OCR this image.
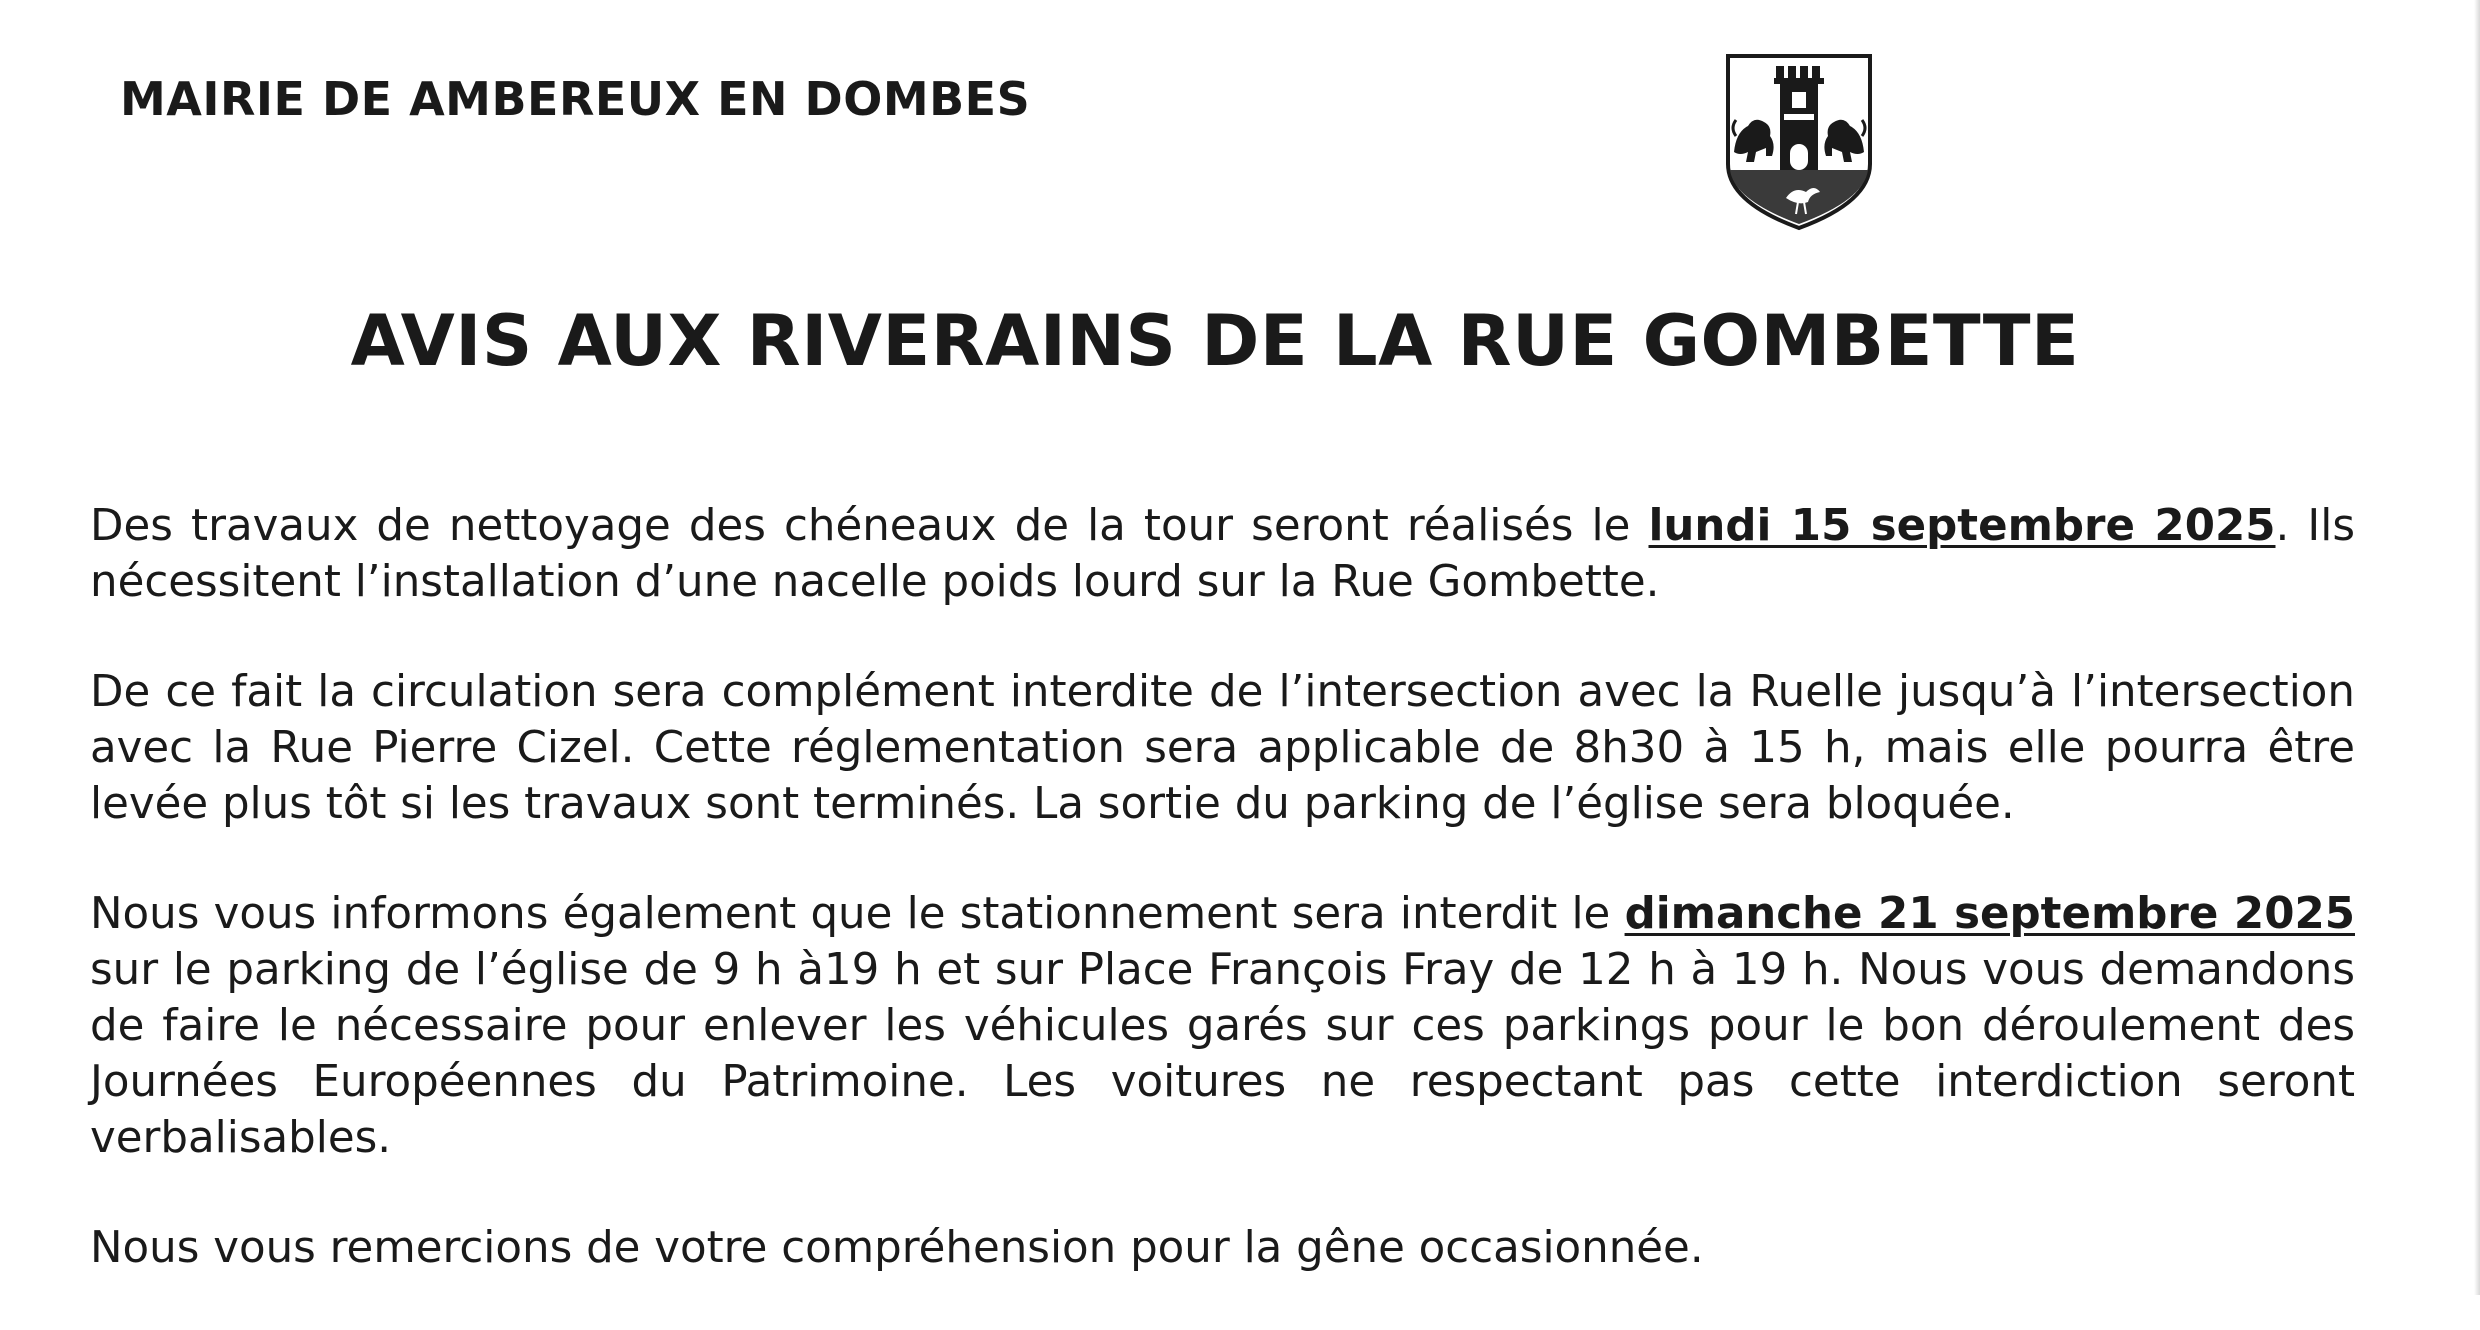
MAIRIE DE AMBEREUX EN DOMBES
AVIS AUX RIVERAINS DE LA RUE GOMBETTE

Des travaux de nettoyage des chéneaux de la tour seront réalisés le lundi 15 septembre 2025. Ils nécessitent l’installation d’une nacelle poids lourd sur la Rue Gombette.

De ce fait la circulation sera complément interdite de l’intersection avec la Ruelle jusqu’à l’intersection avec la Rue Pierre Cizel. Cette réglementation sera applicable de 8h30 à 15 h, mais elle pourra être levée plus tôt si les travaux sont terminés. La sortie du parking de l’église sera bloquée.

Nous vous informons également que le stationnement sera interdit le dimanche 21 septembre 2025 sur le parking de l’église de 9 h à19 h et sur Place François Fray de 12 h à 19 h. Nous vous demandons de faire le nécessaire pour enlever les véhicules garés sur ces parkings pour le bon déroulement des Journées Européennes du Patrimoine. Les voitures ne respectant pas cette interdiction seront verbalisables.

Nous vous remercions de votre compréhension pour la gêne occasionnée.
